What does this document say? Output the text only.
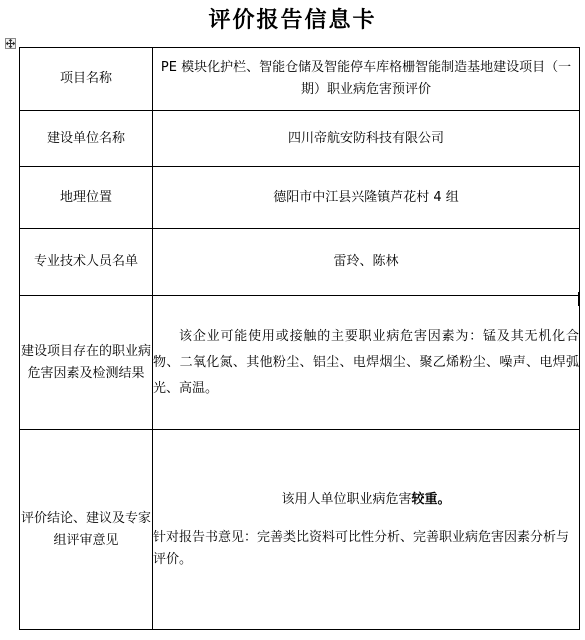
评价报告信息卡
项目名称	PE 模块化护栏、智能仓储及智能停车库格栅智能制造基地建设项目（一期）职业病危害预评价
建设单位名称	四川帝航安防科技有限公司
地理位置	德阳市中江县兴隆镇芦花村 4 组
专业技术人员名单	雷玲、陈林
建设项目存在的职业病危害因素及检测结果	该企业可能使用或接触的主要职业病危害因素为：锰及其无机化合物、二氧化氮、其他粉尘、铝尘、电焊烟尘、聚乙烯粉尘、噪声、电焊弧光、高温。

评价结论、建议及专家组评审意见	该用人单位职业病危害较重。
针对报告书意见：完善类比资料可比性分析、完善职业病危害因素分析与评价。
